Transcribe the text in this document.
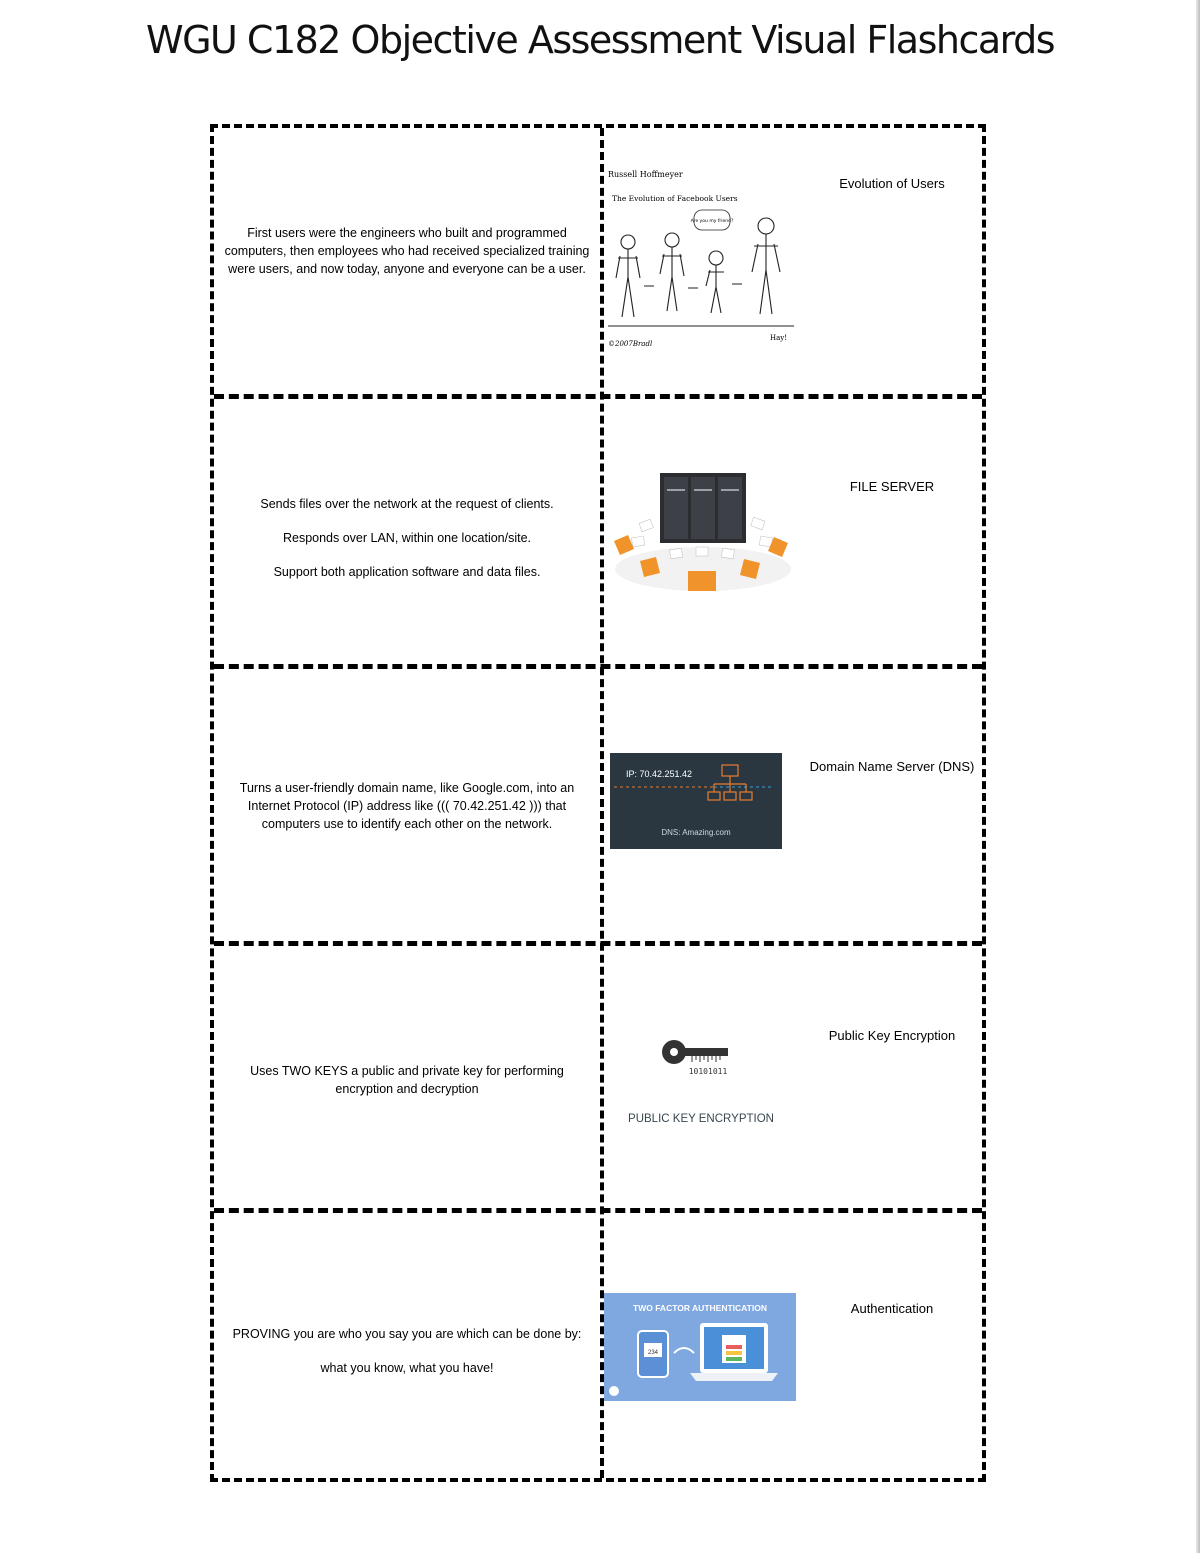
WGU C182 Objective Assessment Visual Flashcards

First users were the engineers who built and programmed computers, then employees who had received specialized training were users, and now today, anyone and everyone can be a user.

Russell Hoffmeyer
The Evolution of Facebook Users
Are you my friend?
©2007Bradl
Hay!
Evolution of Users

Sends files over the network at the request of clients.

Responds over LAN, within one location/site.

Support both application software and data files.

FILE SERVER

Turns a user-friendly domain name, like Google.com, into an Internet Protocol (IP) address like ((( 70.42.251.42 ))) that computers use to identify each other on the network.

IP: 70.42.251.42
DNS: Amazing.com
Domain Name Server (DNS)

Uses TWO KEYS a public and private key for performing encryption and decryption

10101011
PUBLIC KEY ENCRYPTION
Public Key Encryption

PROVING you are who you say you are which can be done by:

what you know, what you have!

TWO FACTOR AUTHENTICATION
234
Authentication
